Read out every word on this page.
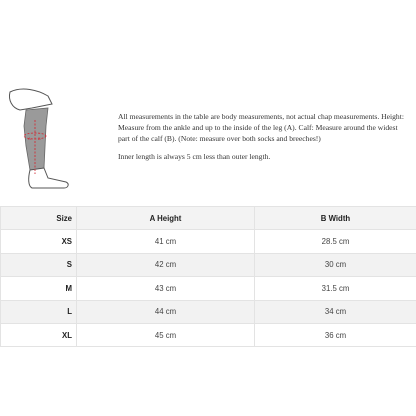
A B

All measurements in the table are body measurements, not actual chap measurements. Height: Measure from the ankle and up to the inside of the leg (A). Calf: Measure around the widest part of the calf (B). (Note: measure over both socks and breeches!)

Inner length is always 5 cm less than outer length.

Size	A Height	B Width
XS	41 cm	28.5 cm
S	42 cm	30 cm
M	43 cm	31.5 cm
L	44 cm	34 cm
XL	45 cm	36 cm
